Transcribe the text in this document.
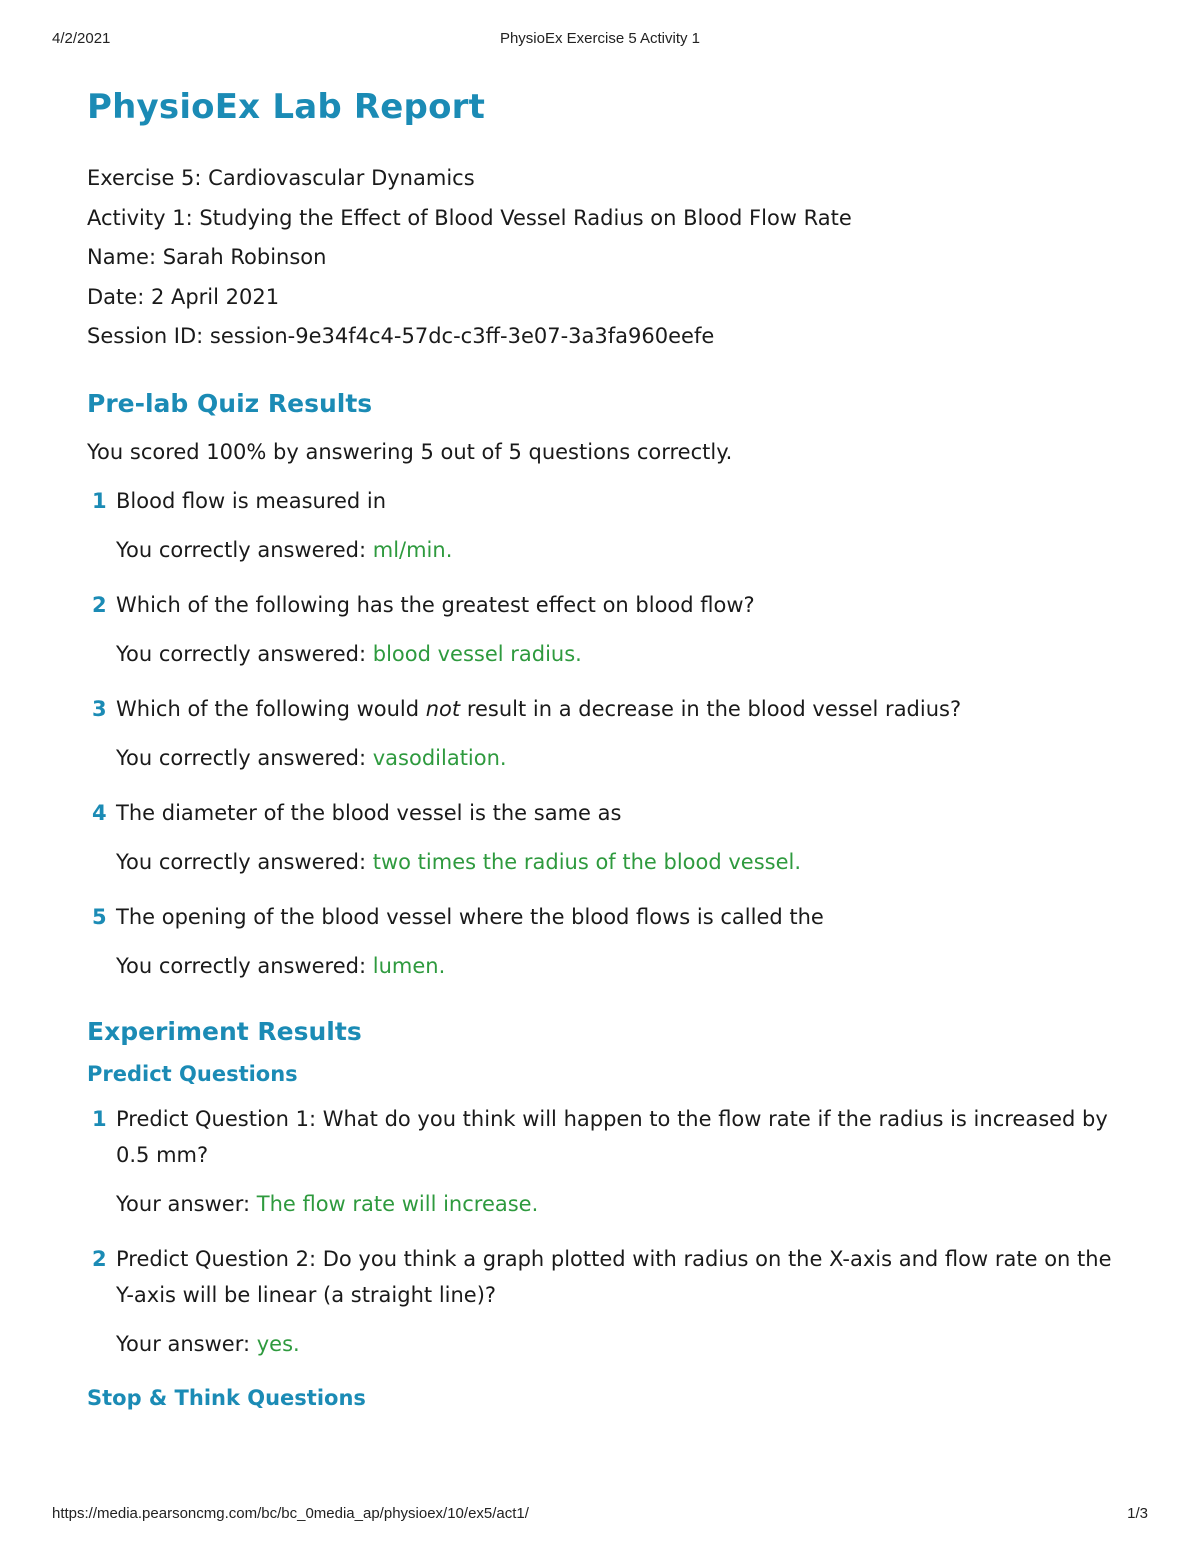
4/2/2021	PhysioEx Exercise 5 Activity 1
PhysioEx Lab Report
Exercise 5: Cardiovascular Dynamics
Activity 1: Studying the Effect of Blood Vessel Radius on Blood Flow Rate
Name: Sarah Robinson
Date: 2 April 2021
Session ID: session-9e34f4c4-57dc-c3ff-3e07-3a3fa960eefe
Pre-lab Quiz Results
You scored 100% by answering 5 out of 5 questions correctly.
1 Blood flow is measured in
You correctly answered: ml/min.
2 Which of the following has the greatest effect on blood flow?
You correctly answered: blood vessel radius.
3 Which of the following would not result in a decrease in the blood vessel radius?
You correctly answered: vasodilation.
4 The diameter of the blood vessel is the same as
You correctly answered: two times the radius of the blood vessel.
5 The opening of the blood vessel where the blood flows is called the
You correctly answered: lumen.
Experiment Results
Predict Questions
1 Predict Question 1: What do you think will happen to the flow rate if the radius is increased by 0.5 mm?
Your answer: The flow rate will increase.
2 Predict Question 2: Do you think a graph plotted with radius on the X-axis and flow rate on the Y-axis will be linear (a straight line)?
Your answer: yes.
Stop & Think Questions
https://media.pearsoncmg.com/bc/bc_0media_ap/physioex/10/ex5/act1/	1/3
